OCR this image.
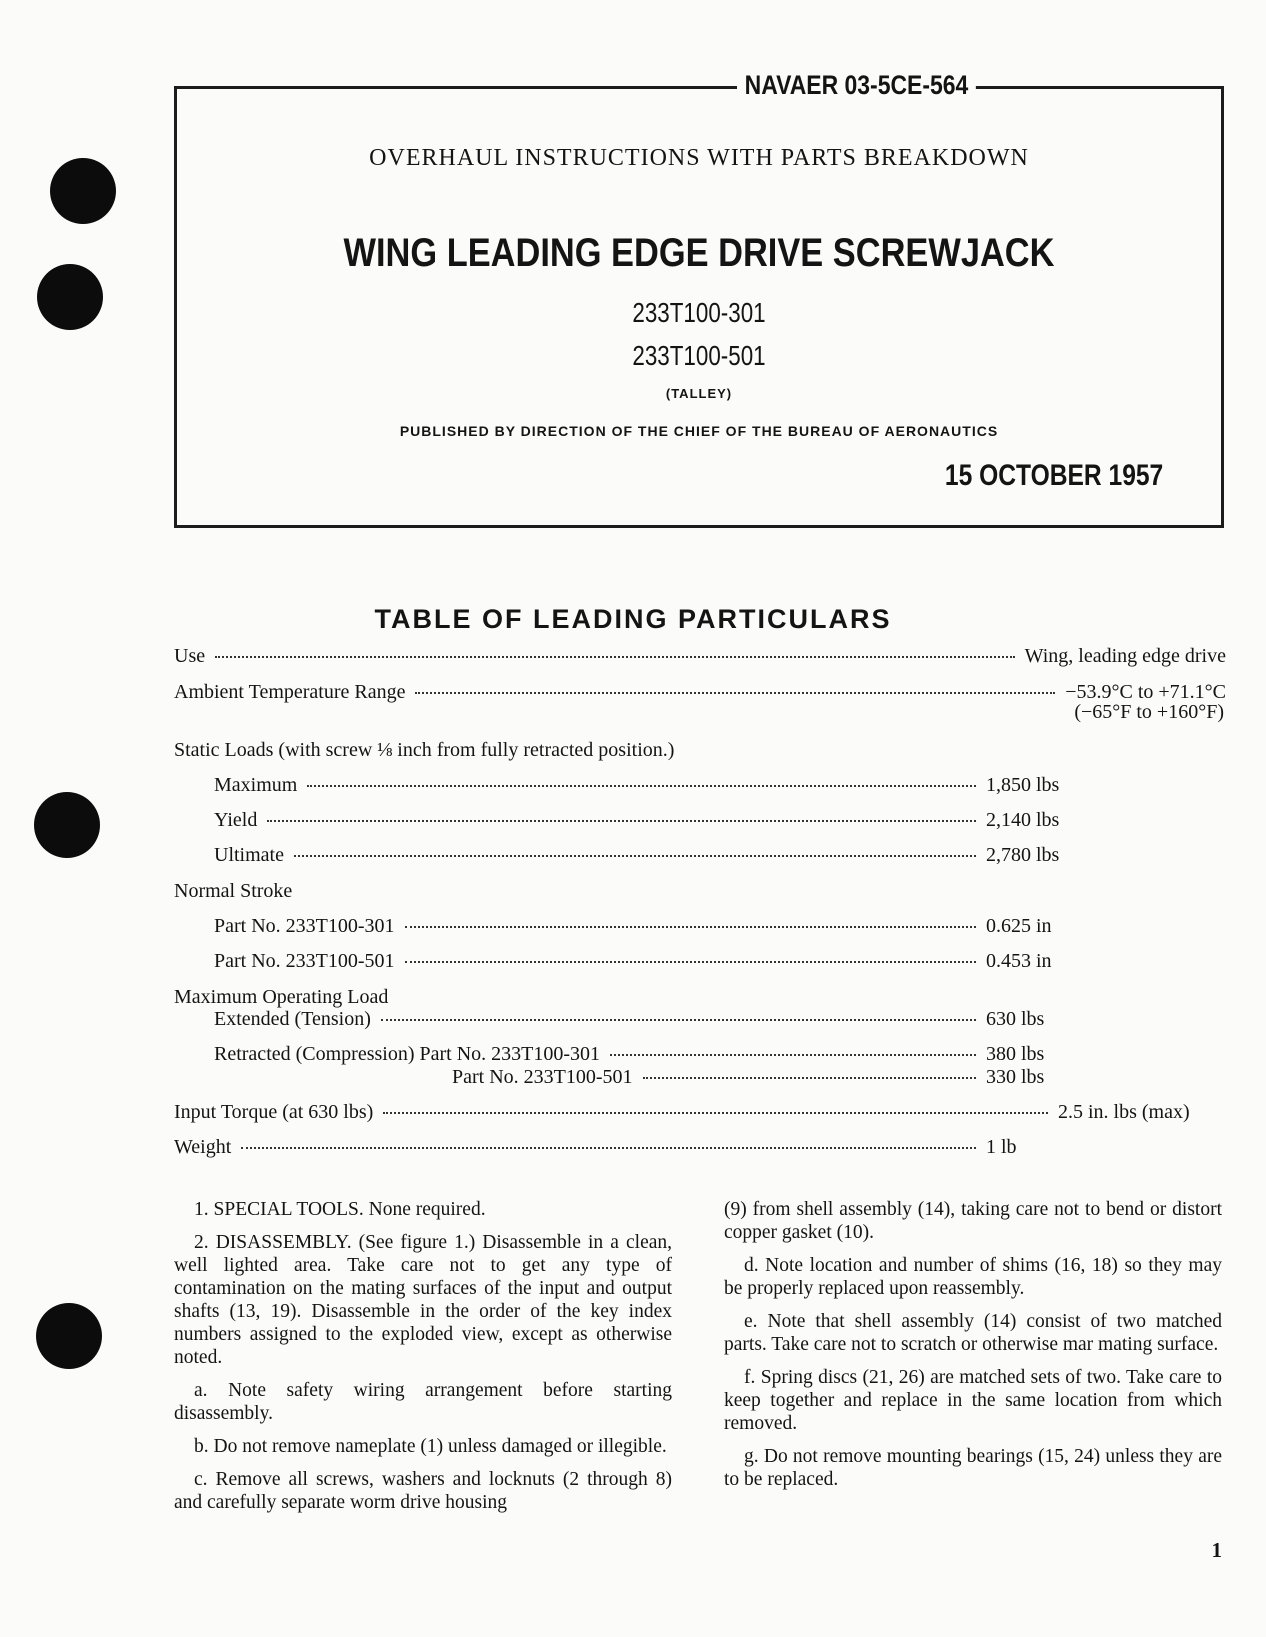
NAVAER 03-5CE-564
OVERHAUL INSTRUCTIONS WITH PARTS BREAKDOWN
WING LEADING EDGE DRIVE SCREWJACK
233T100-301
233T100-501
(TALLEY)
PUBLISHED BY DIRECTION OF THE CHIEF OF THE BUREAU OF AERONAUTICS
15 OCTOBER 1957
TABLE OF LEADING PARTICULARS
Use	Wing, leading edge drive
Ambient Temperature Range	−53.9°C to +71.1°C
(−65°F to +160°F)
Static Loads (with screw ⅛ inch from fully retracted position.)
Maximum	1,850 lbs
Yield	2,140 lbs
Ultimate	2,780 lbs
Normal Stroke
Part No. 233T100-301	0.625 in
Part No. 233T100-501	0.453 in
Maximum Operating Load
Extended (Tension)	630 lbs
Retracted (Compression) Part No. 233T100-301	380 lbs
Part No. 233T100-501	330 lbs
Input Torque (at 630 lbs)	2.5 in. lbs (max)
Weight	1 lb

1. SPECIAL TOOLS. None required.

2. DISASSEMBLY. (See figure 1.) Disassemble in a clean, well lighted area. Take care not to get any type of contamination on the mating surfaces of the input and output shafts (13, 19). Disassemble in the order of the key index numbers assigned to the exploded view, except as otherwise noted.

a. Note safety wiring arrangement before starting disassembly.

b. Do not remove nameplate (1) unless damaged or illegible.

c. Remove all screws, washers and locknuts (2 through 8) and carefully separate worm drive housing

(9) from shell assembly (14), taking care not to bend or distort copper gasket (10).

d. Note location and number of shims (16, 18) so they may be properly replaced upon reassembly.

e. Note that shell assembly (14) consist of two matched parts. Take care not to scratch or otherwise mar mating surface.

f. Spring discs (21, 26) are matched sets of two. Take care to keep together and replace in the same location from which removed.

g. Do not remove mounting bearings (15, 24) unless they are to be replaced.

1
